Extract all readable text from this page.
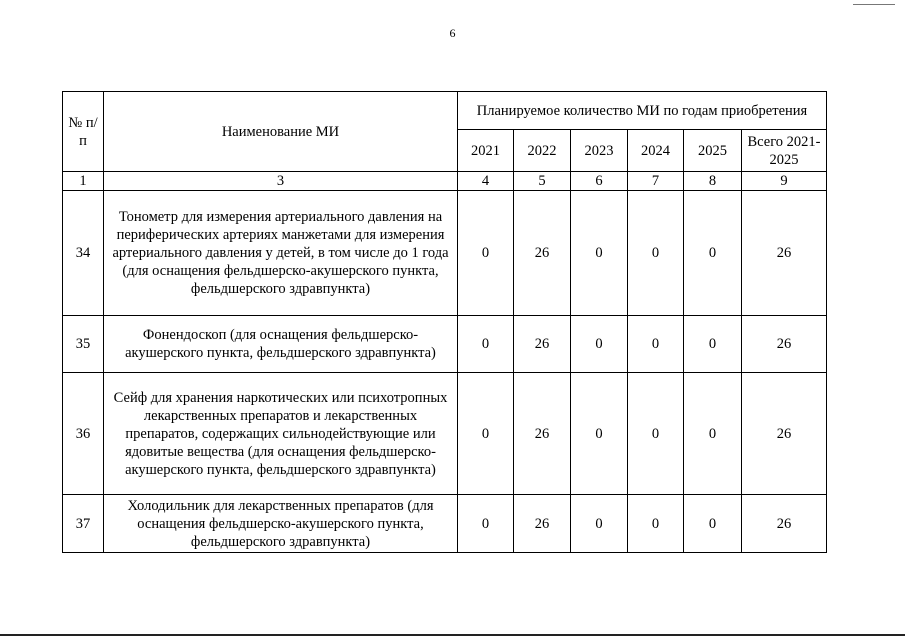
6
№ п/п	Наименование МИ	Планируемое количество МИ по годам приобретения					
		2021	2022	2023	2024	2025	Всего 2021-2025
1	3	4	5	6	7	8	9
34	Тонометр для измерения артериального давления на периферических артериях манжетами для измерения артериального давления у детей, в том числе до 1 года (для оснащения фельдшерско-акушерского пункта, фельдшерского здравпункта)	0	26	0	0	0	26
35	Фонендоскоп (для оснащения фельдшерско-акушерского пункта, фельдшерского здравпункта)	0	26	0	0	0	26
36	Сейф для хранения наркотических или психотропных лекарственных препаратов и лекарственных препаратов, содержащих сильнодействующие или ядовитые вещества (для оснащения фельдшерско-акушерского пункта, фельдшерского здравпункта)	0	26	0	0	0	26
37	Холодильник для лекарственных препаратов (для оснащения фельдшерско-акушерского пункта, фельдшерского здравпункта)	0	26	0	0	0	26
